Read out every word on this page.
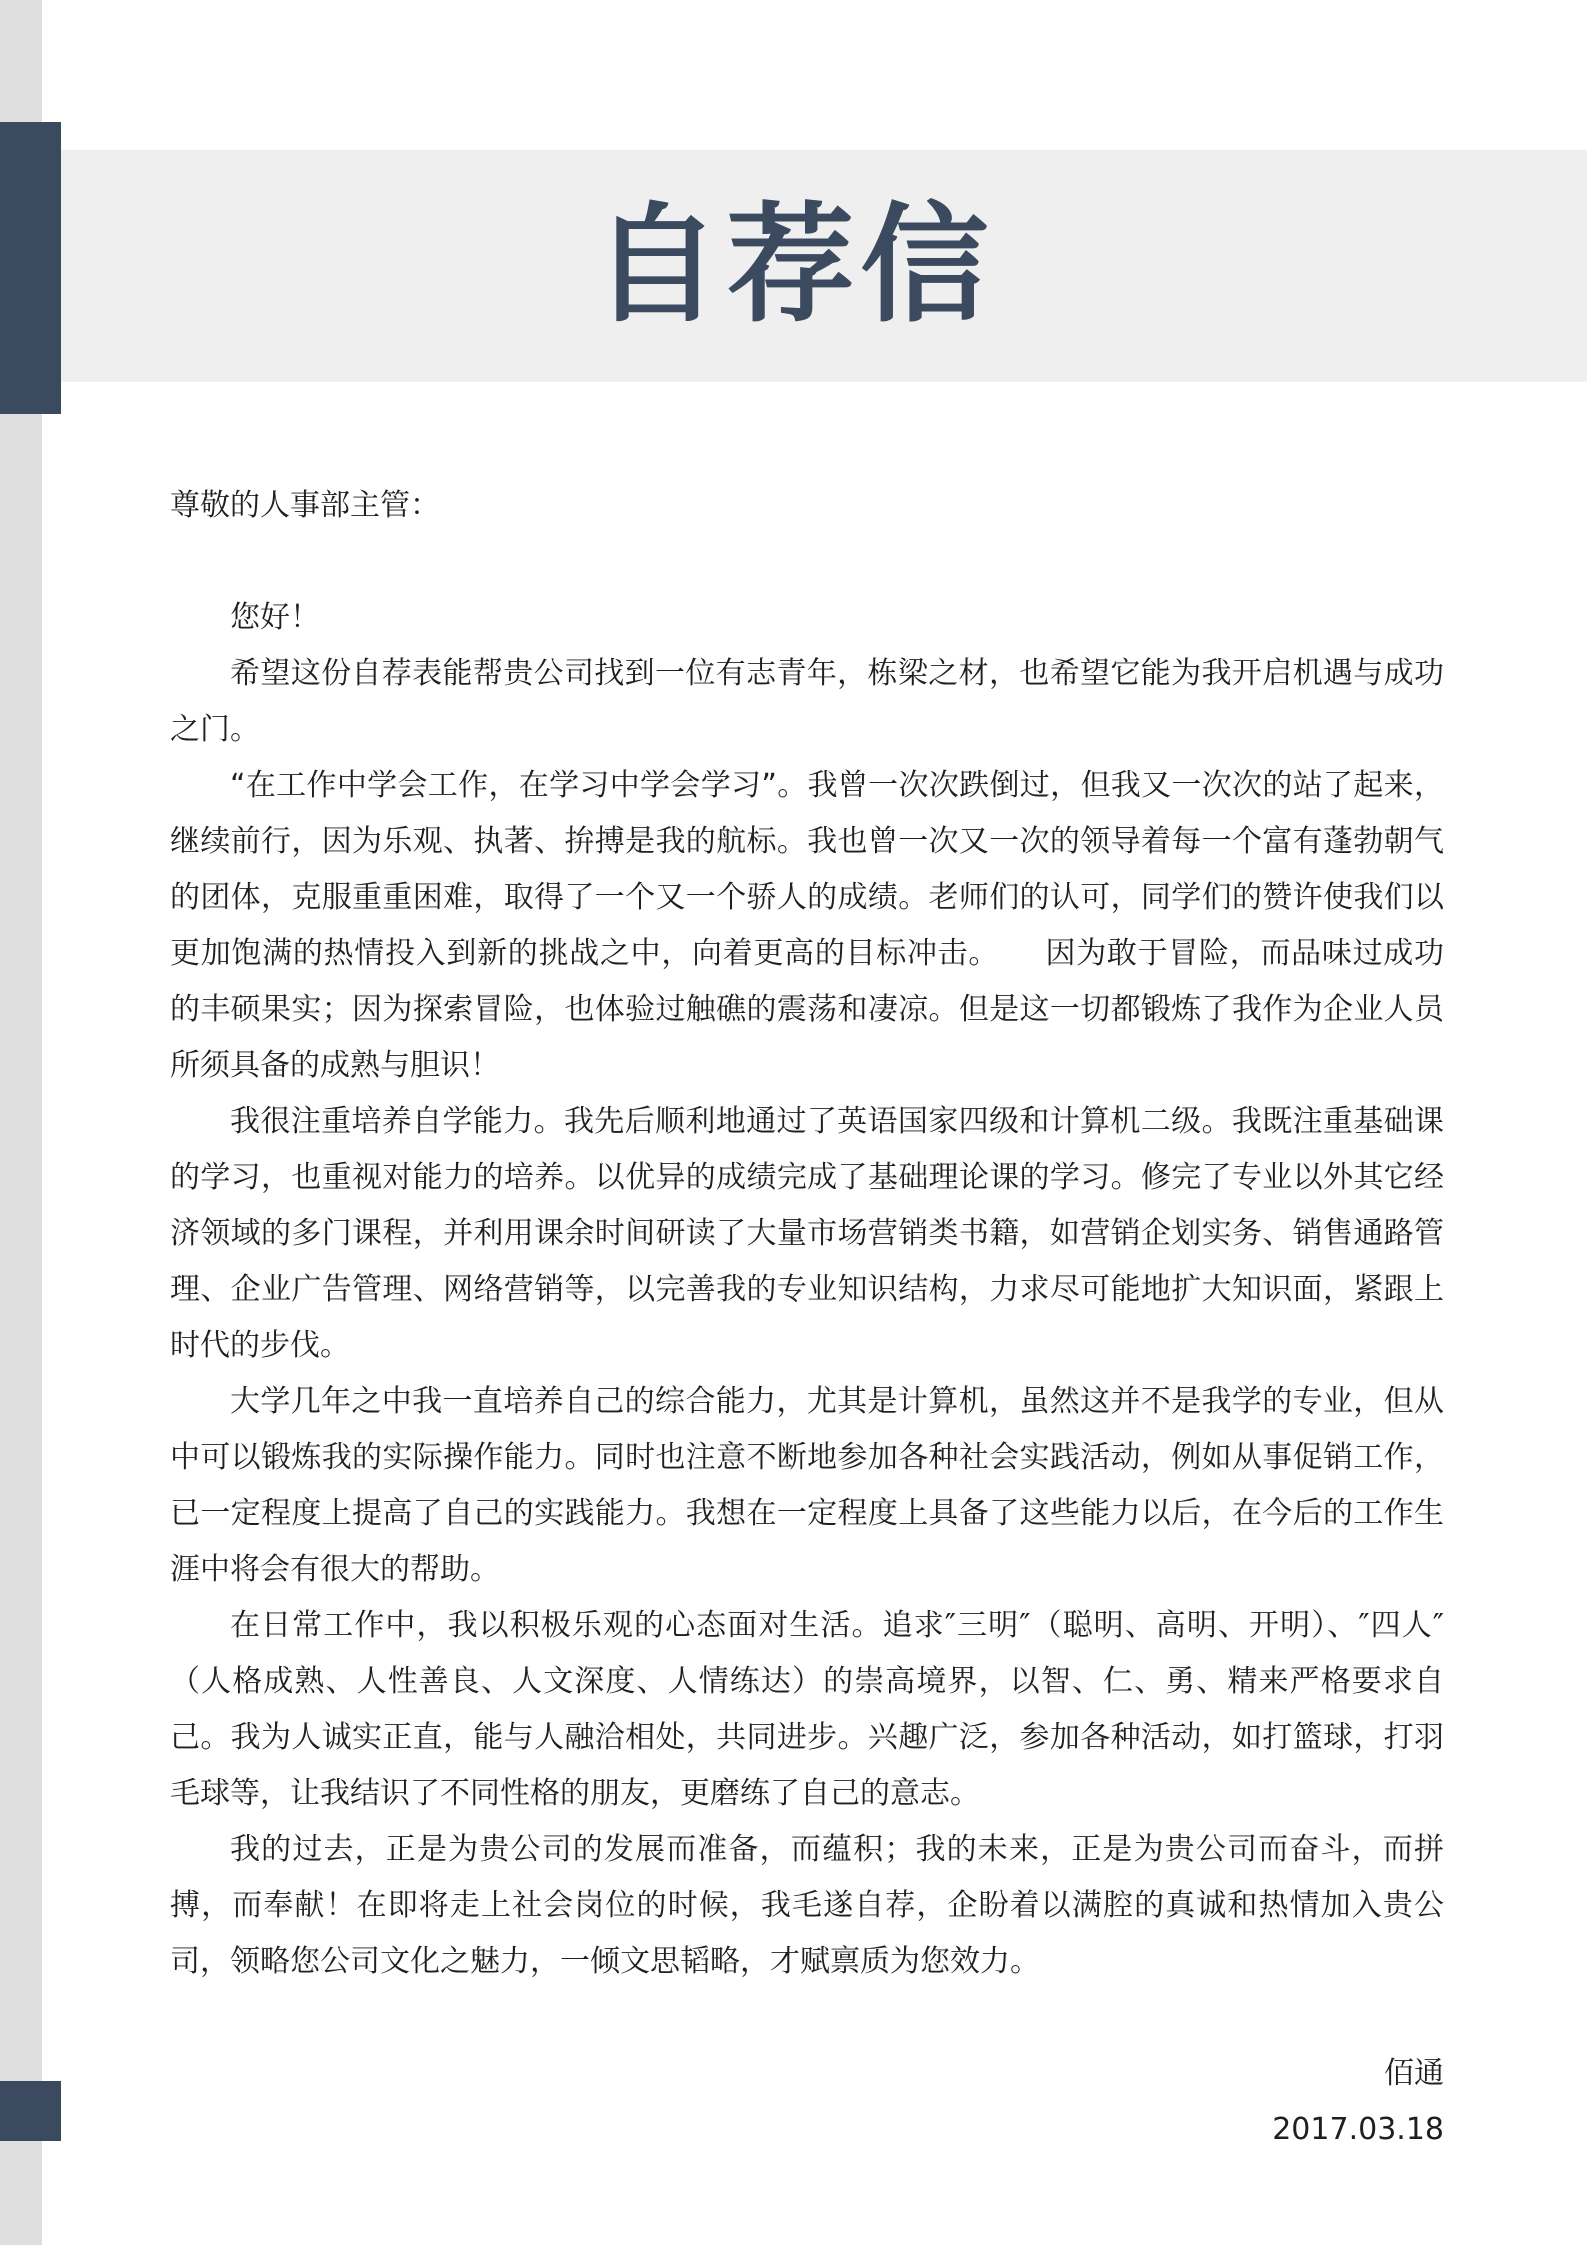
自荐信
尊敬的人事部主管：

您好！

希望这份自荐表能帮贵公司找到一位有志青年，栋梁之材，也希望它能为我开启机遇与成功之门。

“在工作中学会工作，在学习中学会学习”。我曾一次次跌倒过，但我又一次次的站了起来，继续前行，因为乐观、执著、拚搏是我的航标。我也曾一次又一次的领导着每一个富有蓬勃朝气的团体，克服重重困难，取得了一个又一个骄人的成绩。老师们的认可，同学们的赞许使我们以更加饱满的热情投入到新的挑战之中，向着更高的目标冲击。　　因为敢于冒险，而品味过成功的丰硕果实；因为探索冒险，也体验过触礁的震荡和凄凉。但是这一切都锻炼了我作为企业人员所须具备的成熟与胆识！

我很注重培养自学能力。我先后顺利地通过了英语国家四级和计算机二级。我既注重基础课的学习，也重视对能力的培养。以优异的成绩完成了基础理论课的学习。修完了专业以外其它经济领域的多门课程，并利用课余时间研读了大量市场营销类书籍，如营销企划实务、销售通路管理、企业广告管理、网络营销等，以完善我的专业知识结构，力求尽可能地扩大知识面，紧跟上时代的步伐。

大学几年之中我一直培养自己的综合能力，尤其是计算机，虽然这并不是我学的专业，但从中可以锻炼我的实际操作能力。同时也注意不断地参加各种社会实践活动，例如从事促销工作，已一定程度上提高了自己的实践能力。我想在一定程度上具备了这些能力以后，在今后的工作生涯中将会有很大的帮助。

在日常工作中，我以积极乐观的心态面对生活。追求″三明″（聪明、高明、开明）、″四人″（人格成熟、人性善良、人文深度、人情练达）的崇高境界，以智、仁、勇、精来严格要求自己。我为人诚实正直，能与人融洽相处，共同进步。兴趣广泛，参加各种活动，如打篮球，打羽毛球等，让我结识了不同性格的朋友，更磨练了自己的意志。

我的过去，正是为贵公司的发展而准备，而蕴积；我的未来，正是为贵公司而奋斗，而拼搏，而奉献！在即将走上社会岗位的时候，我毛遂自荐，企盼着以满腔的真诚和热情加入贵公司，领略您公司文化之魅力，一倾文思韬略，才赋禀质为您效力。

佰通
2017.03.18
